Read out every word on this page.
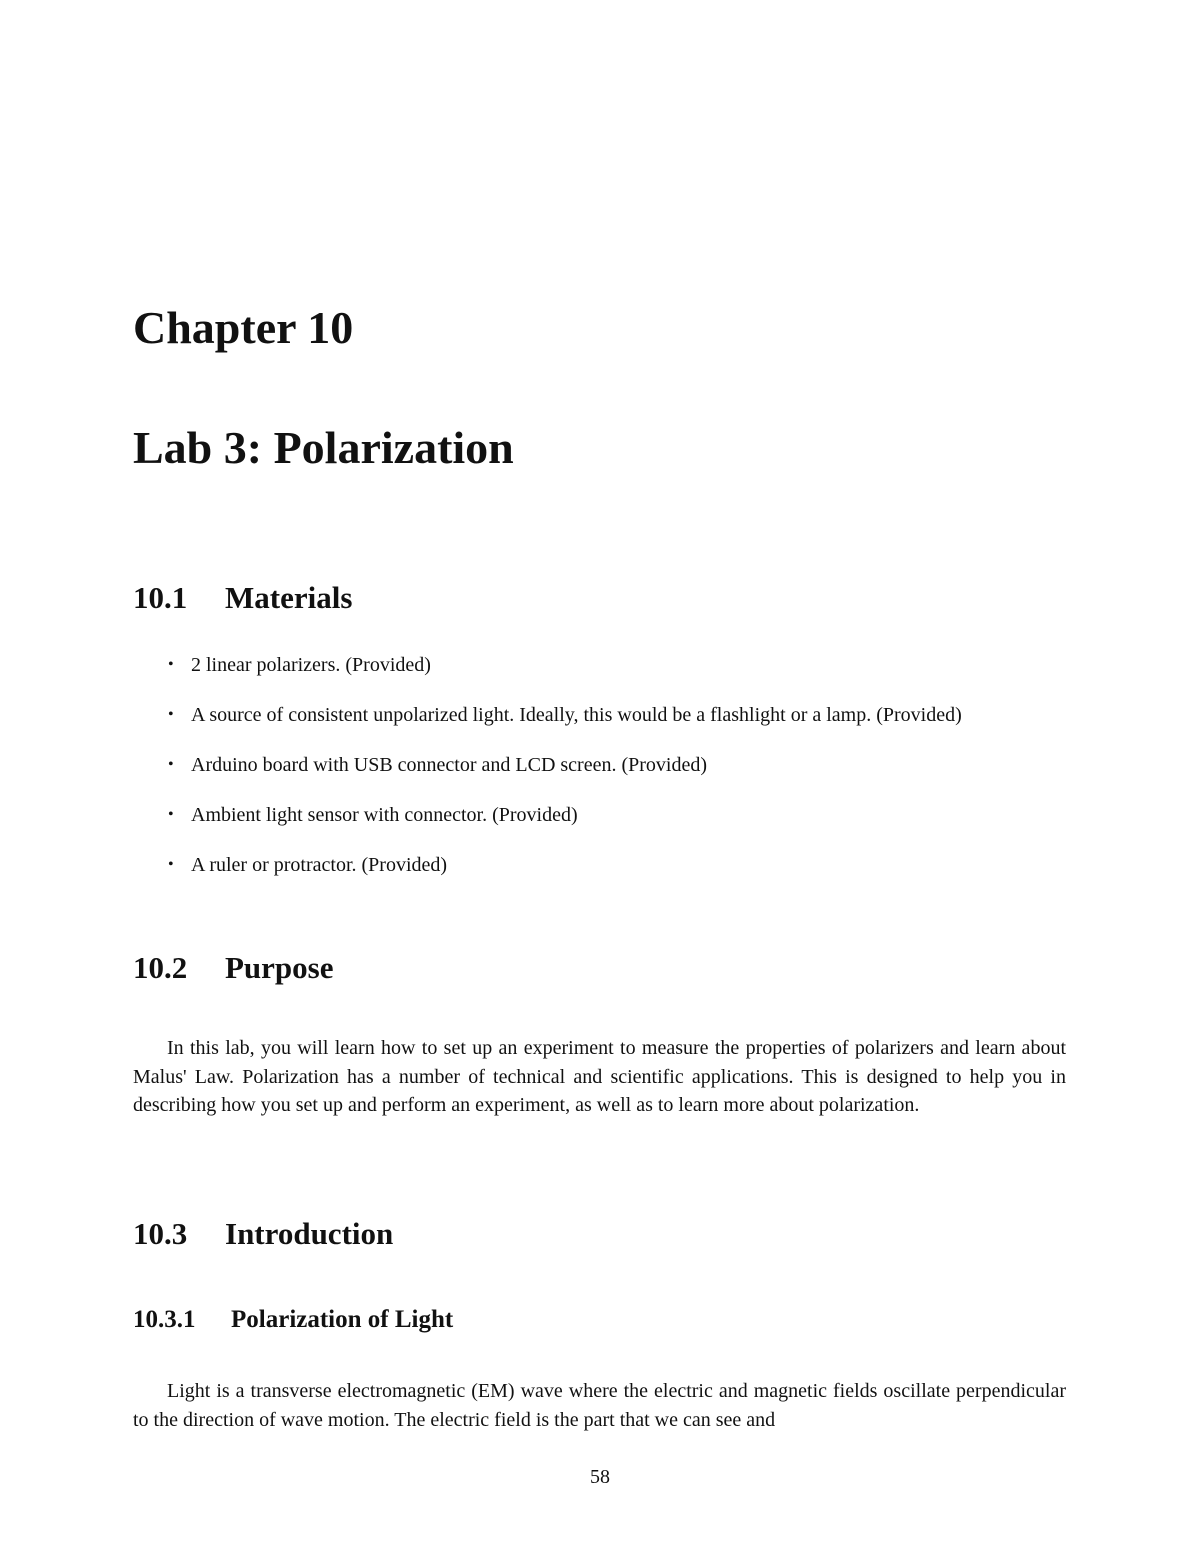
Chapter 10
Lab 3: Polarization
10.1 Materials
• 2 linear polarizers. (Provided)
• A source of consistent unpolarized light. Ideally, this would be a flashlight or a lamp. (Provided)
• Arduino board with USB connector and LCD screen. (Provided)
• Ambient light sensor with connector. (Provided)
• A ruler or protractor. (Provided)
10.2 Purpose

In this lab, you will learn how to set up an experiment to measure the properties of polarizers and learn about Malus' Law. Polarization has a number of technical and scientific applications. This is designed to help you in describing how you set up and perform an experiment, as well as to learn more about polarization.

10.3 Introduction
10.3.1 Polarization of Light

Light is a transverse electromagnetic (EM) wave where the electric and magnetic fields oscillate perpendicular to the direction of wave motion. The electric field is the part that we can see and

58
